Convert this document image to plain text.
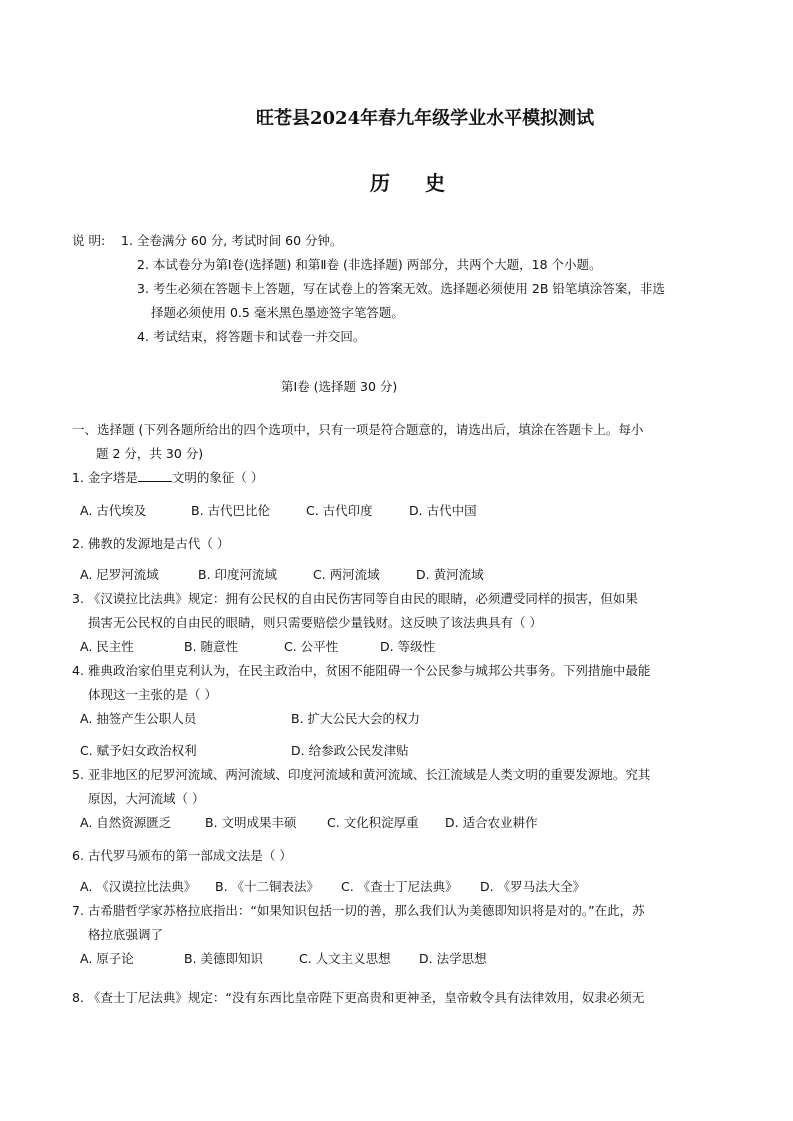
旺苍县2024年春九年级学业水平模拟测试
历 史
说 明: 1. 全卷满分 60 分, 考试时间 60 分钟。
2. 本试卷分为第Ⅰ卷(选择题) 和第Ⅱ卷 (非选择题) 两部分，共两个大题，18 个小题。
3. 考生必须在答题卡上答题，写在试卷上的答案无效。选择题必须使用 2B 铅笔填涂答案，非选
择题必须使用 0.5 毫米黑色墨迹签字笔答题。
4. 考试结束，将答题卡和试卷一并交回。
第Ⅰ卷 (选择题 30 分)
一、选择题 (下列各题所给出的四个选项中，只有一项是符合题意的，请选出后，填涂在答题卡上。每小
题 2 分，共 30 分)
1. 金字塔是	文明的象征（ ）
A. 古代埃及	B. 古代巴比伦	C. 古代印度	D. 古代中国
2. 佛教的发源地是古代（ ）
A. 尼罗河流域	B. 印度河流域	C. 两河流域	D. 黄河流域
3. 《汉谟拉比法典》规定：拥有公民权的自由民伤害同等自由民的眼睛，必须遭受同样的损害，但如果
损害无公民权的自由民的眼睛，则只需要赔偿少量钱财。这反映了该法典具有（ ）
A. 民主性	B. 随意性	C. 公平性	D. 等级性
4. 雅典政治家伯里克利认为，在民主政治中，贫困不能阻碍一个公民参与城邦公共事务。下列措施中最能
体现这一主张的是（ ）
A. 抽签产生公职人员	B. 扩大公民大会的权力
C. 赋予妇女政治权利	D. 给参政公民发津贴
5. 亚非地区的尼罗河流域、两河流域、印度河流域和黄河流域、长江流域是人类文明的重要发源地。究其
原因，大河流域（ ）
A. 自然资源匮乏	B. 文明成果丰硕 C. 文化积淀厚重 D. 适合农业耕作
6. 古代罗马颁布的第一部成文法是（ ）
A. 《汉谟拉比法典》 B. 《十二铜表法》 C. 《查士丁尼法典》 D. 《罗马法大全》
7. 古希腊哲学家苏格拉底指出：“如果知识包括一切的善，那么我们认为美德即知识将是对的。”在此，苏
格拉底强调了
A. 原子论	B. 美德即知识	C. 人文主义思想 D. 法学思想
8. 《查士丁尼法典》规定：“没有东西比皇帝陛下更高贵和更神圣，皇帝敕令具有法律效用，奴隶必须无
